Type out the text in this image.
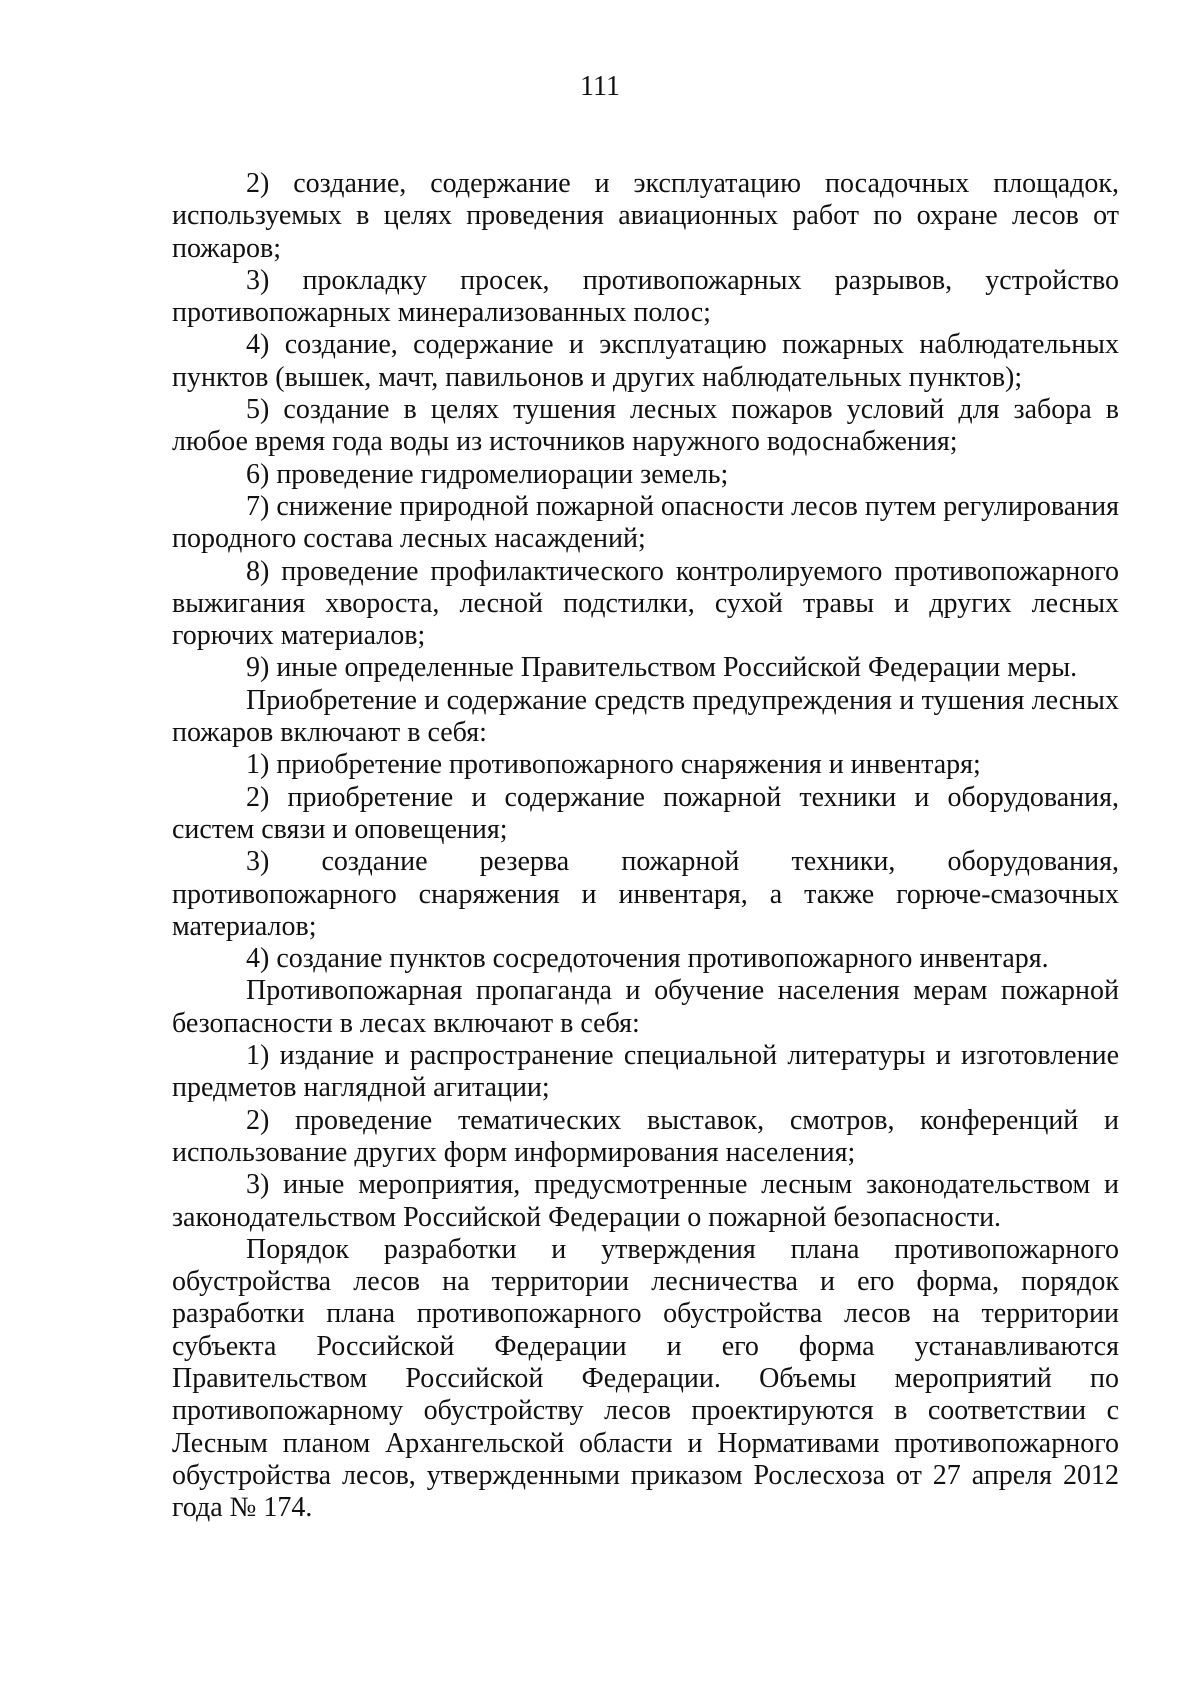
111

2) создание, содержание и эксплуатацию посадочных площадок, используемых в целях проведения авиационных работ по охране лесов от пожаров;

3) прокладку просек, противопожарных разрывов, устройство противопожарных минерализованных полос;

4) создание, содержание и эксплуатацию пожарных наблюдательных пунктов (вышек, мачт, павильонов и других наблюдательных пунктов);

5) создание в целях тушения лесных пожаров условий для забора в любое время года воды из источников наружного водоснабжения;

6) проведение гидромелиорации земель;

7) снижение природной пожарной опасности лесов путем регулирования породного состава лесных насаждений;

8) проведение профилактического контролируемого противопожарного выжигания хвороста, лесной подстилки, сухой травы и других лесных горючих материалов;

9) иные определенные Правительством Российской Федерации меры.

Приобретение и содержание средств предупреждения и тушения лесных пожаров включают в себя:

1) приобретение противопожарного снаряжения и инвентаря;

2) приобретение и содержание пожарной техники и оборудования, систем связи и оповещения;

3) создание резерва пожарной техники, оборудования, противопожарного снаряжения и инвентаря, а также горюче-смазочных материалов;

4) создание пунктов сосредоточения противопожарного инвентаря.

Противопожарная пропаганда и обучение населения мерам пожарной безопасности в лесах включают в себя:

1) издание и распространение специальной литературы и изготовление предметов наглядной агитации;

2) проведение тематических выставок, смотров, конференций и использование других форм информирования населения;

3) иные мероприятия, предусмотренные лесным законодательством и законодательством Российской Федерации о пожарной безопасности.

Порядок разработки и утверждения плана противопожарного обустройства лесов на территории лесничества и его форма, порядок разработки плана противопожарного обустройства лесов на территории субъекта Российской Федерации и его форма устанавливаются Правительством Российской Федерации. Объемы мероприятий по противопожарному обустройству лесов проектируются в соответствии с Лесным планом Архангельской области и Нормативами противопожарного обустройства лесов, утвержденными приказом Рослесхоза от 27 апреля 2012 года № 174.
